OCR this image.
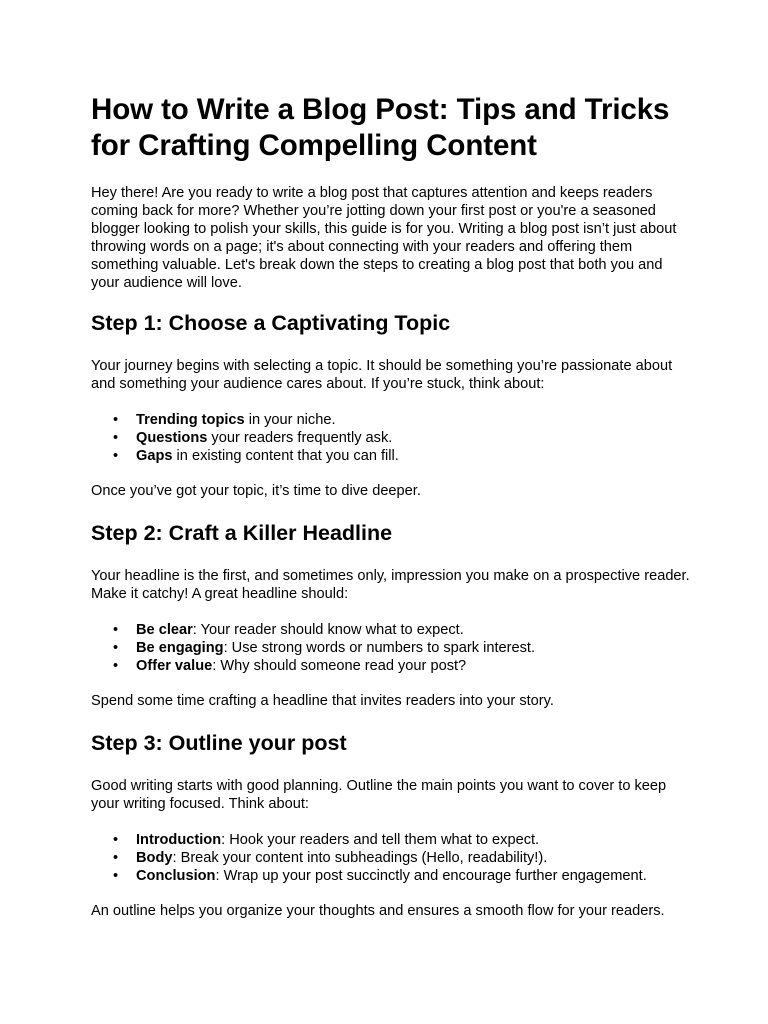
How to Write a Blog Post: Tips and Tricks for Crafting Compelling Content

Hey there! Are you ready to write a blog post that captures attention and keeps readers coming back for more? Whether you’re jotting down your first post or you're a seasoned blogger looking to polish your skills, this guide is for you. Writing a blog post isn’t just about throwing words on a page; it's about connecting with your readers and offering them something valuable. Let's break down the steps to creating a blog post that both you and your audience will love.

Step 1: Choose a Captivating Topic

Your journey begins with selecting a topic. It should be something you’re passionate about and something your audience cares about. If you’re stuck, think about:

• Trending topics in your niche.
• Questions your readers frequently ask.
• Gaps in existing content that you can fill.

Once you’ve got your topic, it’s time to dive deeper.

Step 2: Craft a Killer Headline

Your headline is the first, and sometimes only, impression you make on a prospective reader. Make it catchy! A great headline should:

• Be clear: Your reader should know what to expect.
• Be engaging: Use strong words or numbers to spark interest.
• Offer value: Why should someone read your post?

Spend some time crafting a headline that invites readers into your story.

Step 3: Outline your post

Good writing starts with good planning. Outline the main points you want to cover to keep your writing focused. Think about:

• Introduction: Hook your readers and tell them what to expect.
• Body: Break your content into subheadings (Hello, readability!).
• Conclusion: Wrap up your post succinctly and encourage further engagement.

An outline helps you organize your thoughts and ensures a smooth flow for your readers.
